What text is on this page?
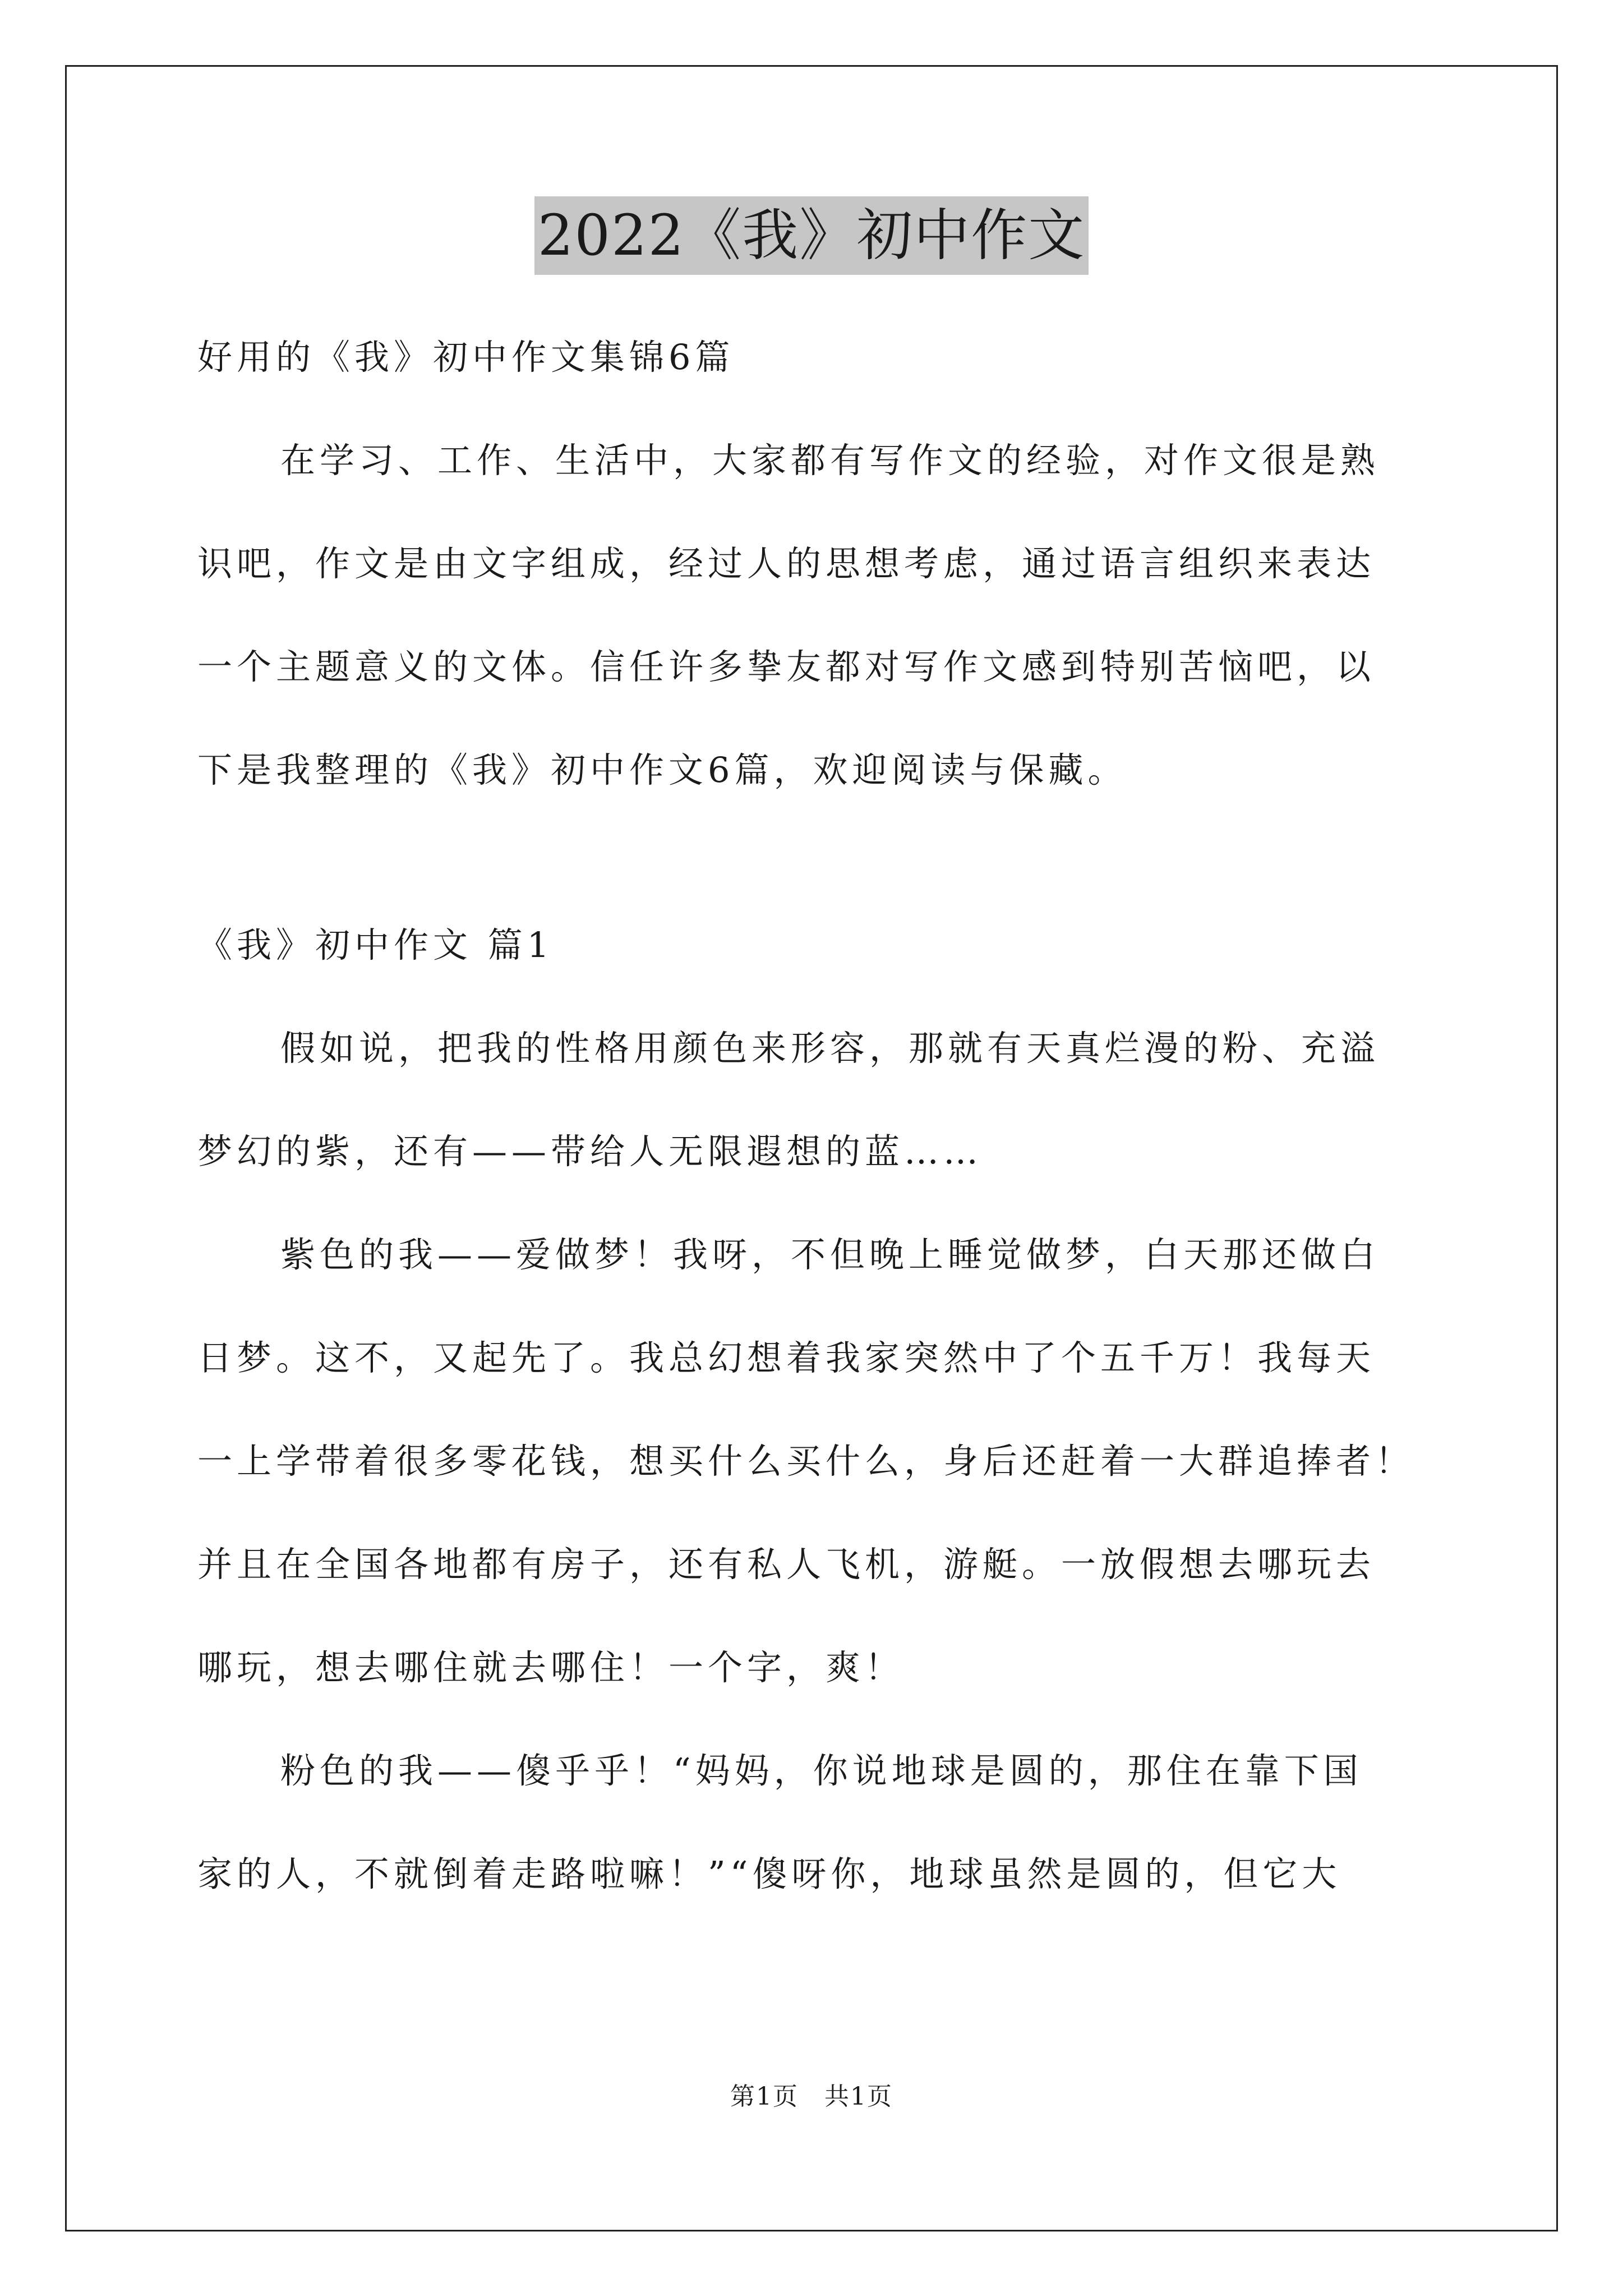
2022《我》初中作文
好用的《我》初中作文集锦6篇
在学习、工作、生活中，大家都有写作文的经验，对作文很是熟
识吧，作文是由文字组成，经过人的思想考虑，通过语言组织来表达
一个主题意义的文体。信任许多挚友都对写作文感到特别苦恼吧，以
下是我整理的《我》初中作文6篇，欢迎阅读与保藏。
《我》初中作文 篇1
假如说，把我的性格用颜色来形容，那就有天真烂漫的粉、充溢
梦幻的紫，还有——带给人无限遐想的蓝……
紫色的我——爱做梦！我呀，不但晚上睡觉做梦，白天那还做白
日梦。这不，又起先了。我总幻想着我家突然中了个五千万！我每天
一上学带着很多零花钱，想买什么买什么，身后还赶着一大群追捧者！
并且在全国各地都有房子，还有私人飞机，游艇。一放假想去哪玩去
哪玩，想去哪住就去哪住！一个字，爽！
粉色的我——傻乎乎！“妈妈，你说地球是圆的，那住在靠下国
家的人，不就倒着走路啦嘛！”“傻呀你，地球虽然是圆的，但它大
第1页 共1页
